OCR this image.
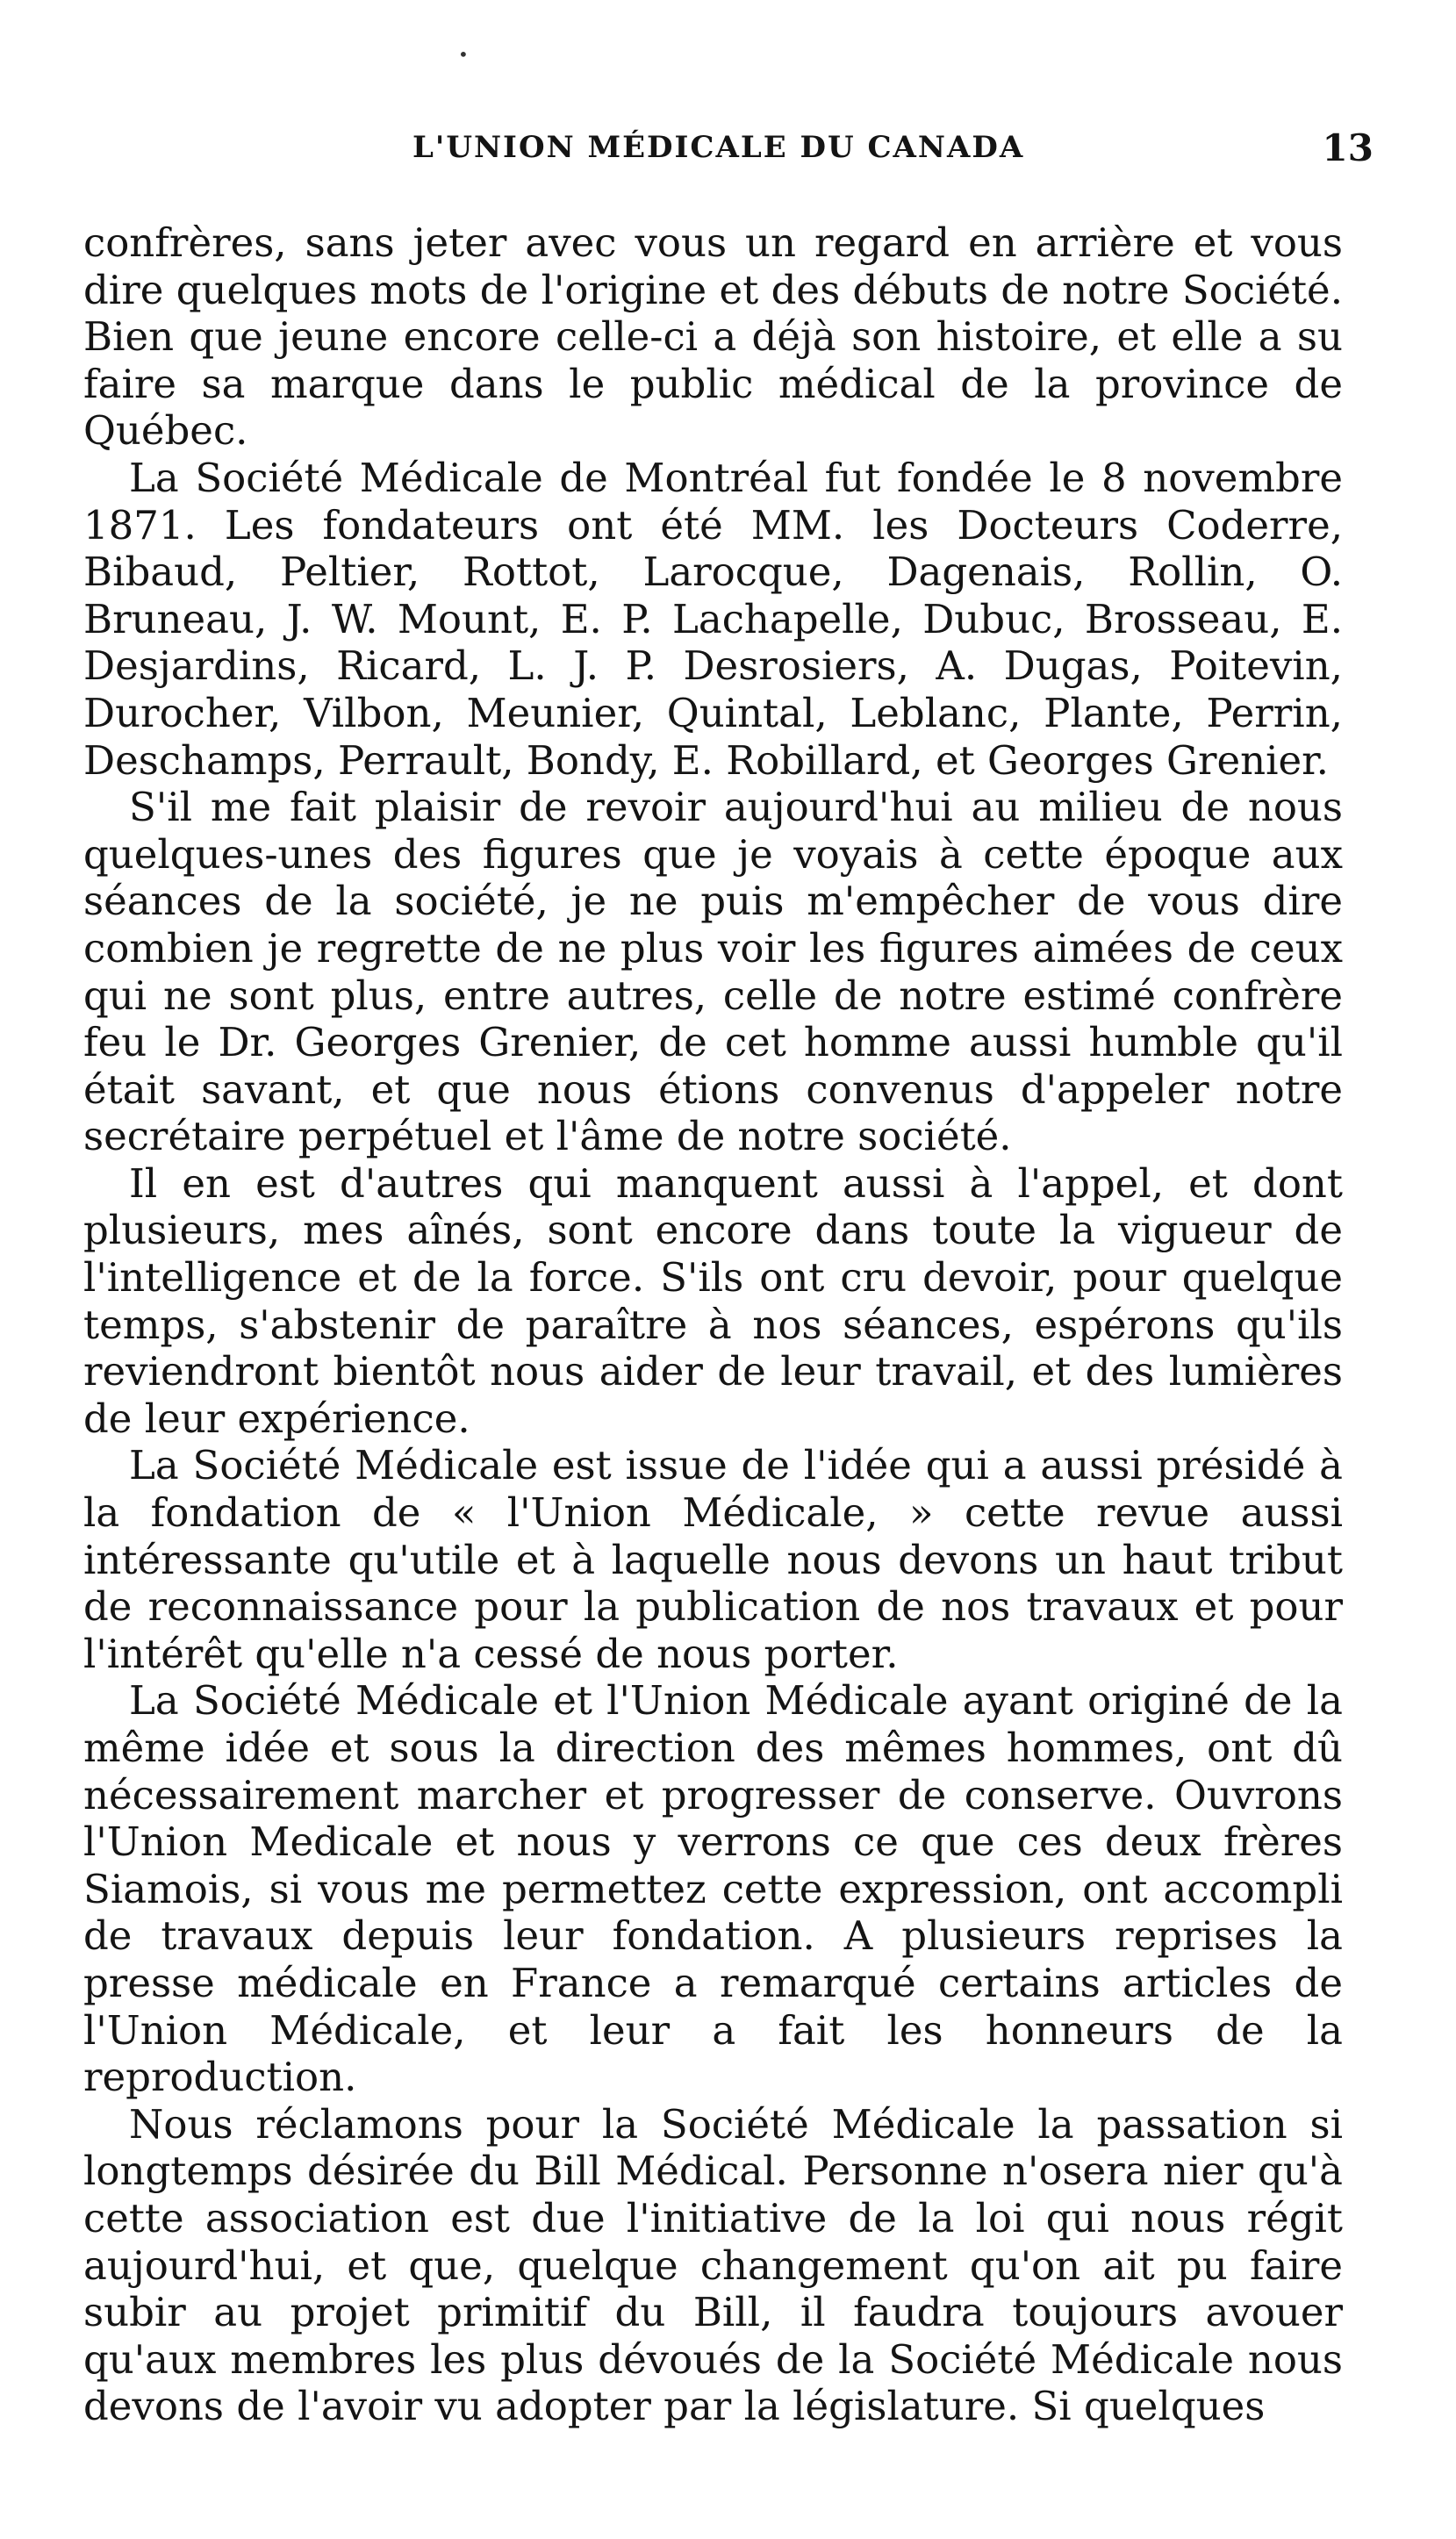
•
L'UNION MÉDICALE DU CANADA	13

confrères, sans jeter avec vous un regard en arrière et vous dire quelques mots de l'origine et des débuts de notre Société. Bien que jeune encore celle-ci a déjà son histoire, et elle a su faire sa marque dans le public médical de la province de Québec.

La Société Médicale de Montréal fut fondée le 8 novembre 1871. Les fondateurs ont été MM. les Docteurs Coderre, Bibaud, Peltier, Rottot, Larocque, Dagenais, Rollin, O. Bruneau, J. W. Mount, E. P. Lachapelle, Dubuc, Brosseau, E. Desjardins, Ricard, L. J. P. Desrosiers, A. Dugas, Poitevin, Durocher, Vilbon, Meunier, Quintal, Leblanc, Plante, Perrin, Deschamps, Perrault, Bondy, E. Robillard, et Georges Grenier.

S'il me fait plaisir de revoir aujourd'hui au milieu de nous quelques-unes des figures que je voyais à cette époque aux séances de la société, je ne puis m'empêcher de vous dire combien je regrette de ne plus voir les figures aimées de ceux qui ne sont plus, entre autres, celle de notre estimé confrère feu le Dr. Georges Grenier, de cet homme aussi humble qu'il était savant, et que nous étions convenus d'appeler notre secrétaire perpétuel et l'âme de notre société.

Il en est d'autres qui manquent aussi à l'appel, et dont plusieurs, mes aînés, sont encore dans toute la vigueur de l'intelligence et de la force. S'ils ont cru devoir, pour quelque temps, s'abstenir de paraître à nos séances, espérons qu'ils reviendront bientôt nous aider de leur travail, et des lumières de leur expérience.

La Société Médicale est issue de l'idée qui a aussi présidé à la fondation de « l'Union Médicale, » cette revue aussi intéressante qu'utile et à laquelle nous devons un haut tribut de reconnaissance pour la publication de nos travaux et pour l'intérêt qu'elle n'a cessé de nous porter.

La Société Médicale et l'Union Médicale ayant originé de la même idée et sous la direction des mêmes hommes, ont dû nécessairement marcher et progresser de conserve. Ouvrons l'Union Medicale et nous y verrons ce que ces deux frères Siamois, si vous me permettez cette expression, ont accompli de travaux depuis leur fondation. A plusieurs reprises la presse médicale en France a remarqué certains articles de l'Union Médicale, et leur a fait les honneurs de la reproduction.

Nous réclamons pour la Société Médicale la passation si longtemps désirée du Bill Médical. Personne n'osera nier qu'à cette association est due l'initiative de la loi qui nous régit aujourd'hui, et que, quelque changement qu'on ait pu faire subir au projet primitif du Bill, il faudra toujours avouer qu'aux membres les plus dévoués de la Société Médicale nous devons de l'avoir vu adopter par la législature. Si quelques
